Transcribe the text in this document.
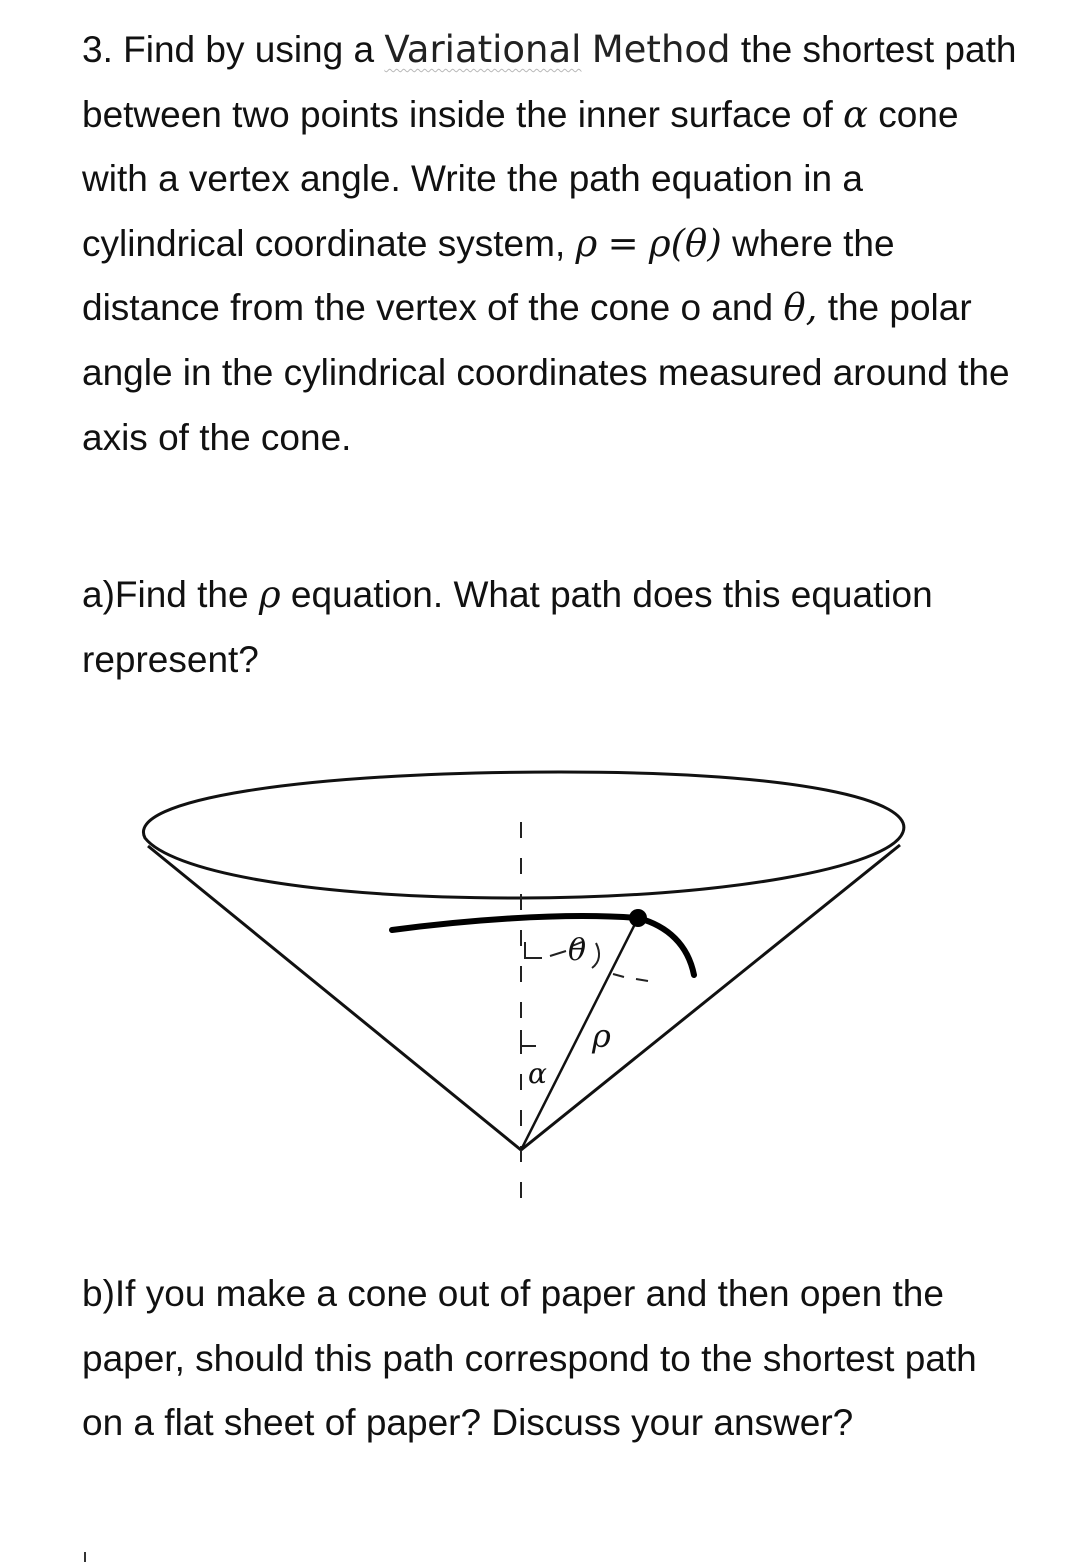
3. Find by using a Variational Method the shortest path between two points inside the inner surface of α cone with a vertex angle. Write the path equation in a cylindrical coordinate system, ρ = ρ(θ) where the distance from the vertex of the cone o and θ, the polar angle in the cylindrical coordinates measured around the axis of the cone.

a)Find the ρ equation. What path does this equation represent?

θ
ρ
α

b)If you make a cone out of paper and then open the paper, should this path correspond to the shortest path on a flat sheet of paper? Discuss your answer?
